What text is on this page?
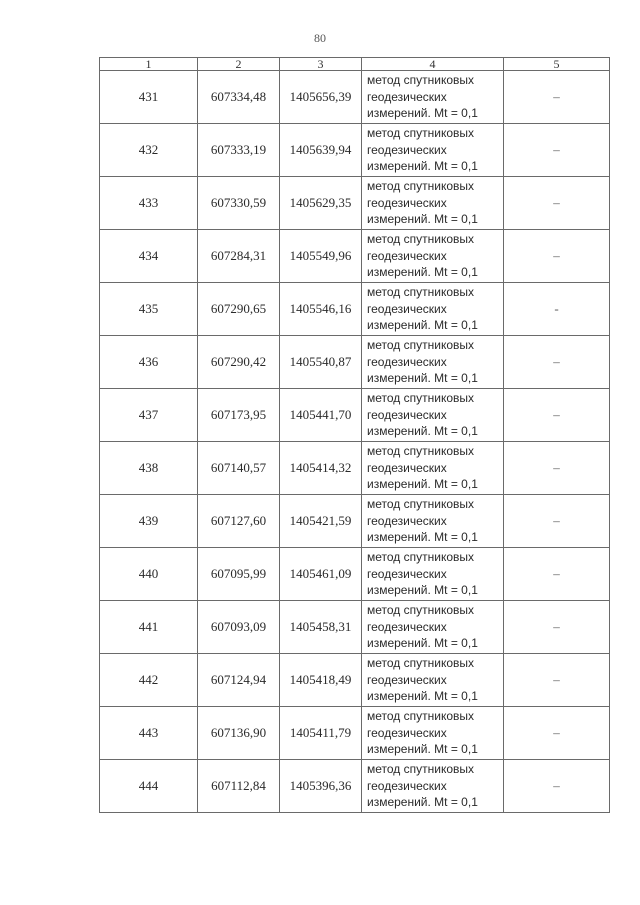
80
1	2	3	4	5
431	607334,48	1405656,39	метод спутниковых
геодезических
измерений. Mt = 0,1	–
432	607333,19	1405639,94	метод спутниковых
геодезических
измерений. Mt = 0,1	–
433	607330,59	1405629,35	метод спутниковых
геодезических
измерений. Mt = 0,1	–
434	607284,31	1405549,96	метод спутниковых
геодезических
измерений. Mt = 0,1	–
435	607290,65	1405546,16	метод спутниковых
геодезических
измерений. Mt = 0,1	-
436	607290,42	1405540,87	метод спутниковых
геодезических
измерений. Mt = 0,1	–
437	607173,95	1405441,70	метод спутниковых
геодезических
измерений. Mt = 0,1	–
438	607140,57	1405414,32	метод спутниковых
геодезических
измерений. Mt = 0,1	–
439	607127,60	1405421,59	метод спутниковых
геодезических
измерений. Mt = 0,1	–
440	607095,99	1405461,09	метод спутниковых
геодезических
измерений. Mt = 0,1	–
441	607093,09	1405458,31	метод спутниковых
геодезических
измерений. Mt = 0,1	–
442	607124,94	1405418,49	метод спутниковых
геодезических
измерений. Mt = 0,1	–
443	607136,90	1405411,79	метод спутниковых
геодезических
измерений. Mt = 0,1	–
444	607112,84	1405396,36	метод спутниковых
геодезических
измерений. Mt = 0,1	–
